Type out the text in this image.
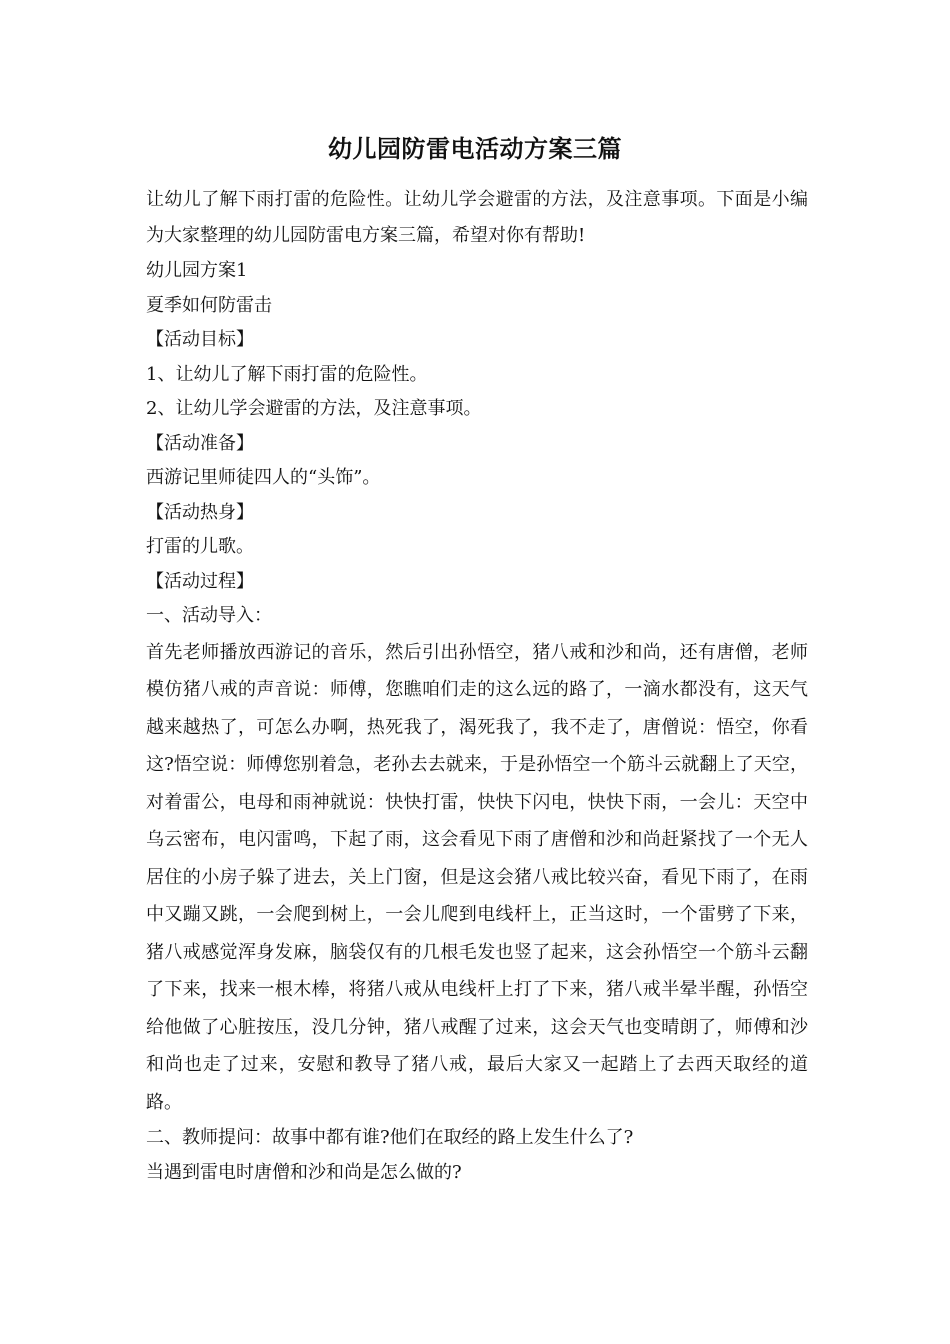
幼儿园防雷电活动方案三篇

让幼儿了解下雨打雷的危险性。让幼儿学会避雷的方法，及注意事项。下面是小编为大家整理的幼儿园防雷电方案三篇，希望对你有帮助!

幼儿园方案1

夏季如何防雷击

【活动目标】

1、让幼儿了解下雨打雷的危险性。

2、让幼儿学会避雷的方法，及注意事项。

【活动准备】

西游记里师徒四人的“头饰”。

【活动热身】

打雷的儿歌。

【活动过程】

一、活动导入：

首先老师播放西游记的音乐，然后引出孙悟空，猪八戒和沙和尚，还有唐僧，老师模仿猪八戒的声音说：师傅，您瞧咱们走的这么远的路了，一滴水都没有，这天气越来越热了，可怎么办啊，热死我了，渴死我了，我不走了，唐僧说：悟空，你看这?悟空说：师傅您别着急，老孙去去就来，于是孙悟空一个筋斗云就翻上了天空，对着雷公，电母和雨神就说：快快打雷，快快下闪电，快快下雨，一会儿：天空中乌云密布，电闪雷鸣，下起了雨，这会看见下雨了唐僧和沙和尚赶紧找了一个无人居住的小房子躲了进去，关上门窗，但是这会猪八戒比较兴奋，看见下雨了，在雨中又蹦又跳，一会爬到树上，一会儿爬到电线杆上，正当这时，一个雷劈了下来，猪八戒感觉浑身发麻，脑袋仅有的几根毛发也竖了起来，这会孙悟空一个筋斗云翻了下来，找来一根木棒，将猪八戒从电线杆上打了下来，猪八戒半晕半醒，孙悟空给他做了心脏按压，没几分钟，猪八戒醒了过来，这会天气也变晴朗了，师傅和沙和尚也走了过来，安慰和教导了猪八戒，最后大家又一起踏上了去西天取经的道路。

二、教师提问：故事中都有谁?他们在取经的路上发生什么了?

当遇到雷电时唐僧和沙和尚是怎么做的?
